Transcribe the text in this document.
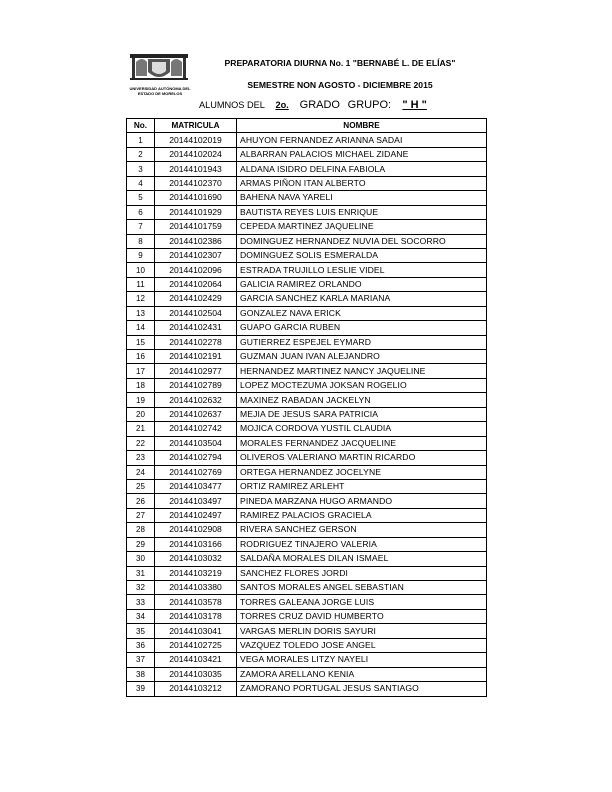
UNIVERSIDAD AUTÓNOMA DEL
ESTADO DE MORELOS
PREPARATORIA DIURNA No. 1 "BERNABÉ L. DE ELÍAS"
SEMESTRE NON AGOSTO - DICIEMBRE 2015
ALUMNOS DEL 2o. GRADO GRUPO: " H "
No.	MATRICULA	NOMBRE
1	20144102019	AHUYON FERNANDEZ ARIANNA SADAI
2	20144102024	ALBARRAN PALACIOS MICHAEL ZIDANE
3	20144101943	ALDANA ISIDRO DELFINA FABIOLA
4	20144102370	ARMAS PIÑON ITAN ALBERTO
5	20144101690	BAHENA NAVA YARELI
6	20144101929	BAUTISTA REYES LUIS ENRIQUE
7	20144101759	CEPEDA MARTINEZ JAQUELINE
8	20144102386	DOMINGUEZ HERNANDEZ NUVIA DEL SOCORRO
9	20144102307	DOMINGUEZ SOLIS ESMERALDA
10	20144102096	ESTRADA TRUJILLO LESLIE VIDEL
11	20144102064	GALICIA RAMIREZ ORLANDO
12	20144102429	GARCIA SANCHEZ KARLA MARIANA
13	20144102504	GONZALEZ NAVA ERICK
14	20144102431	GUAPO GARCIA RUBEN
15	20144102278	GUTIERREZ ESPEJEL EYMARD
16	20144102191	GUZMAN JUAN IVAN ALEJANDRO
17	20144102977	HERNANDEZ MARTINEZ NANCY JAQUELINE
18	20144102789	LOPEZ MOCTEZUMA JOKSAN ROGELIO
19	20144102632	MAXINEZ RABADAN JACKELYN
20	20144102637	MEJIA DE JESUS SARA PATRICIA
21	20144102742	MOJICA CORDOVA YUSTIL CLAUDIA
22	20144103504	MORALES FERNANDEZ JACQUELINE
23	20144102794	OLIVEROS VALERIANO MARTIN RICARDO
24	20144102769	ORTEGA HERNANDEZ JOCELYNE
25	20144103477	ORTIZ RAMIREZ ARLEHT
26	20144103497	PINEDA MARZANA HUGO ARMANDO
27	20144102497	RAMIREZ PALACIOS GRACIELA
28	20144102908	RIVERA SANCHEZ GERSON
29	20144103166	RODRIGUEZ TINAJERO VALERIA
30	20144103032	SALDAÑA MORALES DILAN ISMAEL
31	20144103219	SANCHEZ FLORES JORDI
32	20144103380	SANTOS MORALES ANGEL SEBASTIAN
33	20144103578	TORRES GALEANA JORGE LUIS
34	20144103178	TORRES CRUZ DAVID HUMBERTO
35	20144103041	VARGAS MERLIN DORIS SAYURI
36	20144102725	VAZQUEZ TOLEDO JOSE ANGEL
37	20144103421	VEGA MORALES LITZY NAYELI
38	20144103035	ZAMORA ARELLANO KENIA
39	20144103212	ZAMORANO PORTUGAL JESUS SANTIAGO
